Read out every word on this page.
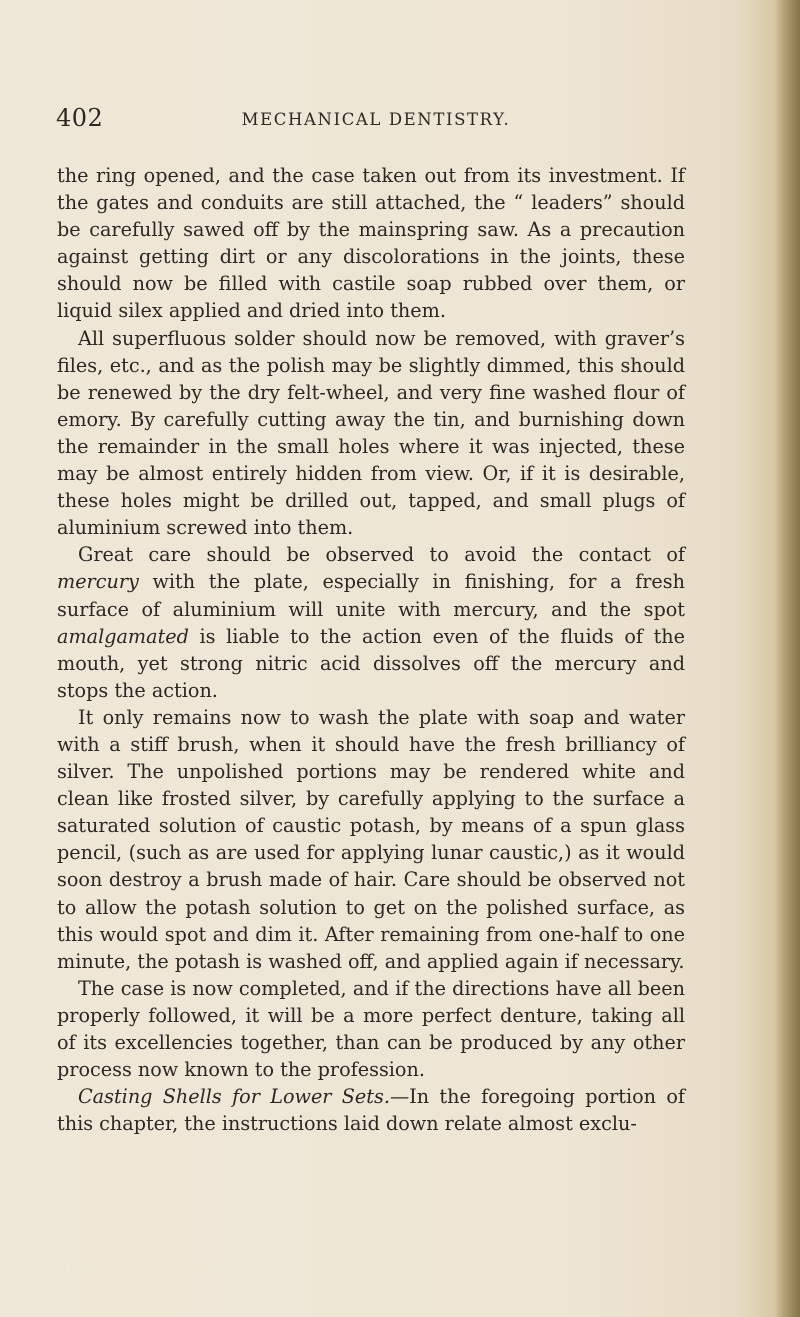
402	MECHANICAL DENTISTRY.

the ring opened, and the case taken out from its investment. If the gates and conduits are still attached, the “ leaders” should be carefully sawed off by the mainspring saw. As a precaution against getting dirt or any discolorations in the joints, these should now be filled with castile soap rubbed over them, or liquid silex applied and dried into them.

All superfluous solder should now be removed, with graver’s files, etc., and as the polish may be slightly dimmed, this should be renewed by the dry felt-wheel, and very fine washed flour of emory. By carefully cutting away the tin, and burnishing down the remainder in the small holes where it was injected, these may be almost entirely hidden from view. Or, if it is desirable, these holes might be drilled out, tapped, and small plugs of aluminium screwed into them.

Great care should be observed to avoid the contact of mercury with the plate, especially in finishing, for a fresh surface of aluminium will unite with mercury, and the spot amalgamated is liable to the action even of the fluids of the mouth, yet strong nitric acid dissolves off the mercury and stops the action.

It only remains now to wash the plate with soap and water with a stiff brush, when it should have the fresh brilliancy of silver. The unpolished portions may be rendered white and clean like frosted silver, by carefully applying to the surface a saturated solution of caustic potash, by means of a spun glass pencil, (such as are used for applying lunar caustic,) as it would soon destroy a brush made of hair. Care should be observed not to allow the potash solution to get on the polished surface, as this would spot and dim it. After remaining from one-half to one minute, the potash is washed off, and applied again if necessary.

The case is now completed, and if the directions have all been properly followed, it will be a more perfect denture, taking all of its excellencies together, than can be produced by any other process now known to the profession.

Casting Shells for Lower Sets.—In the foregoing portion of this chapter, the instructions laid down relate almost exclu-
